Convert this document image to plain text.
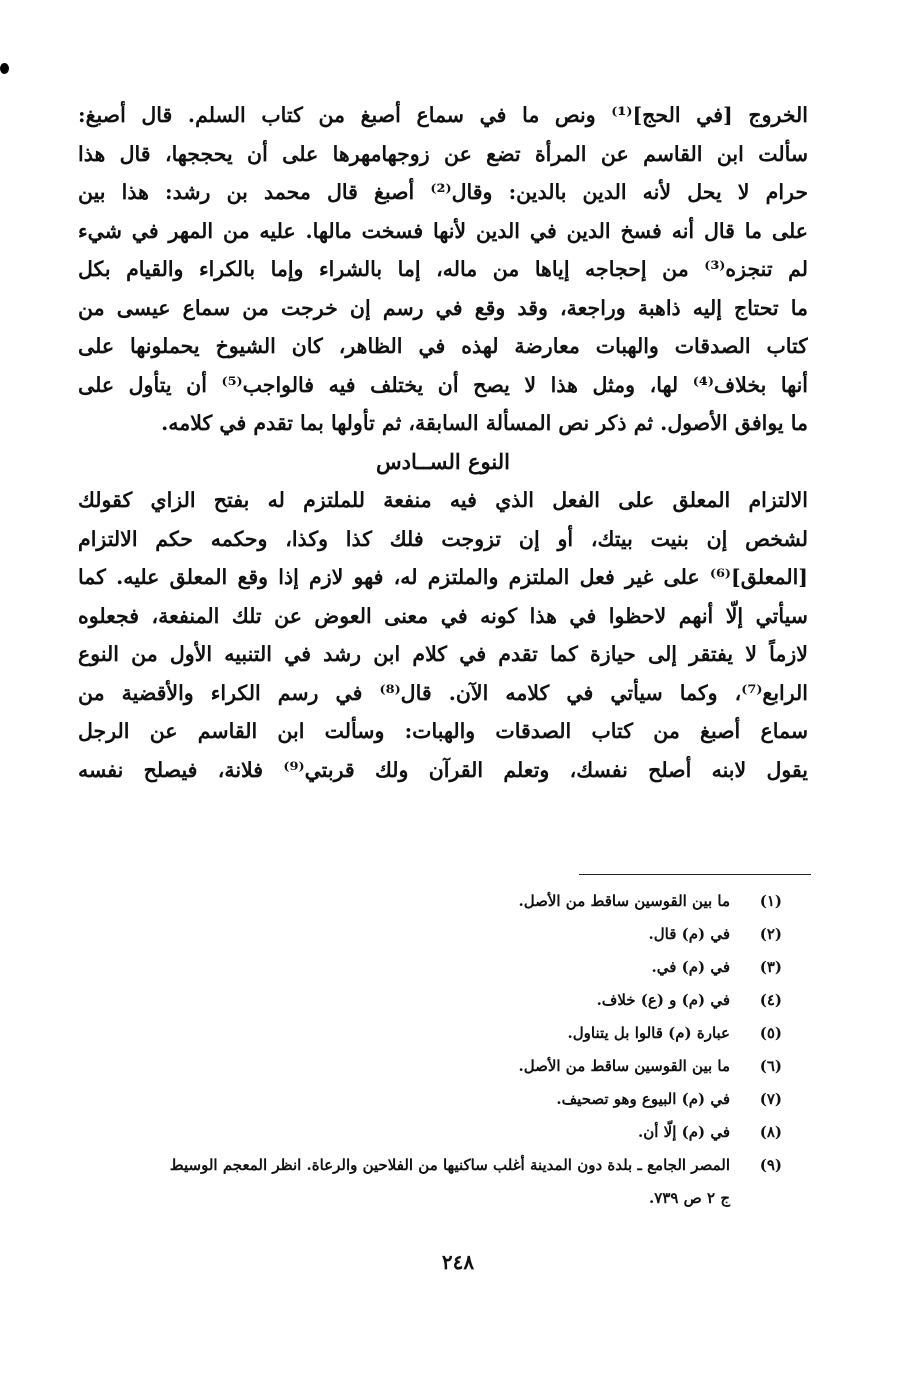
الخروج [في الحج]⁽¹⁾ ونص ما في سماع أصبغ من كتاب السلم. قال أصبغ:
سألت ابن القاسم عن المرأة تضع عن زوجهامهرها على أن يحججها، قال هذا
حرام لا يحل لأنه الدين بالدين: وقال⁽²⁾ أصبغ قال محمد بن رشد: هذا بين
على ما قال أنه فسخ الدين في الدين لأنها فسخت مالها. عليه من المهر في شيء
لم تنجزه⁽³⁾ من إحجاجه إياها من ماله، إما بالشراء وإما بالكراء والقيام بكل
ما تحتاج إليه ذاهبة وراجعة، وقد وقع في رسم إن خرجت من سماع عيسى من
كتاب الصدقات والهبات معارضة لهذه في الظاهر، كان الشيوخ يحملونها على
أنها بخلاف⁽⁴⁾ لها، ومثل هذا لا يصح أن يختلف فيه فالواجب⁽⁵⁾ أن يتأول على
ما يوافق الأصول. ثم ذكر نص المسألة السابقة، ثم تأولها بما تقدم في كلامه.
النوع الســادس
الالتزام المعلق على الفعل الذي فيه منفعة للملتزم له بفتح الزاي كقولك
لشخص إن بنيت بيتك، أو إن تزوجت فلك كذا وكذا، وحكمه حكم الالتزام
[المعلق]⁽⁶⁾ على غير فعل الملتزم والملتزم له، فهو لازم إذا وقع المعلق عليه. كما
سيأتي إلّا أنهم لاحظوا في هذا كونه في معنى العوض عن تلك المنفعة، فجعلوه
لازماً لا يفتقر إلى حيازة كما تقدم في كلام ابن رشد في التنبيه الأول من النوع
الرابع⁽⁷⁾، وكما سيأتي في كلامه الآن. قال⁽⁸⁾ في رسم الكراء والأقضية من
سماع أصبغ من كتاب الصدقات والهبات: وسألت ابن القاسم عن الرجل
يقول لابنه أصلح نفسك، وتعلم القرآن ولك قربتي⁽⁹⁾ فلانة، فيصلح نفسه
(١)
ما بين القوسين ساقط من الأصل.
(٢)
في (م) قال.
(٣)
في (م) في.
(٤)
في (م) و (ع) خلاف.
(٥)
عبارة (م) قالوا بل يتناول.
(٦)
ما بين القوسين ساقط من الأصل.
(٧)
في (م) البيوع وهو تصحيف.
(٨)
في (م) إلّا أن.
(٩)
المصر الجامع ـ بلدة دون المدينة أغلب ساكنيها من الفلاحين والرعاة. انظر المعجم الوسيط
ج ٢ ص ٧٣٩.
٢٤٨
